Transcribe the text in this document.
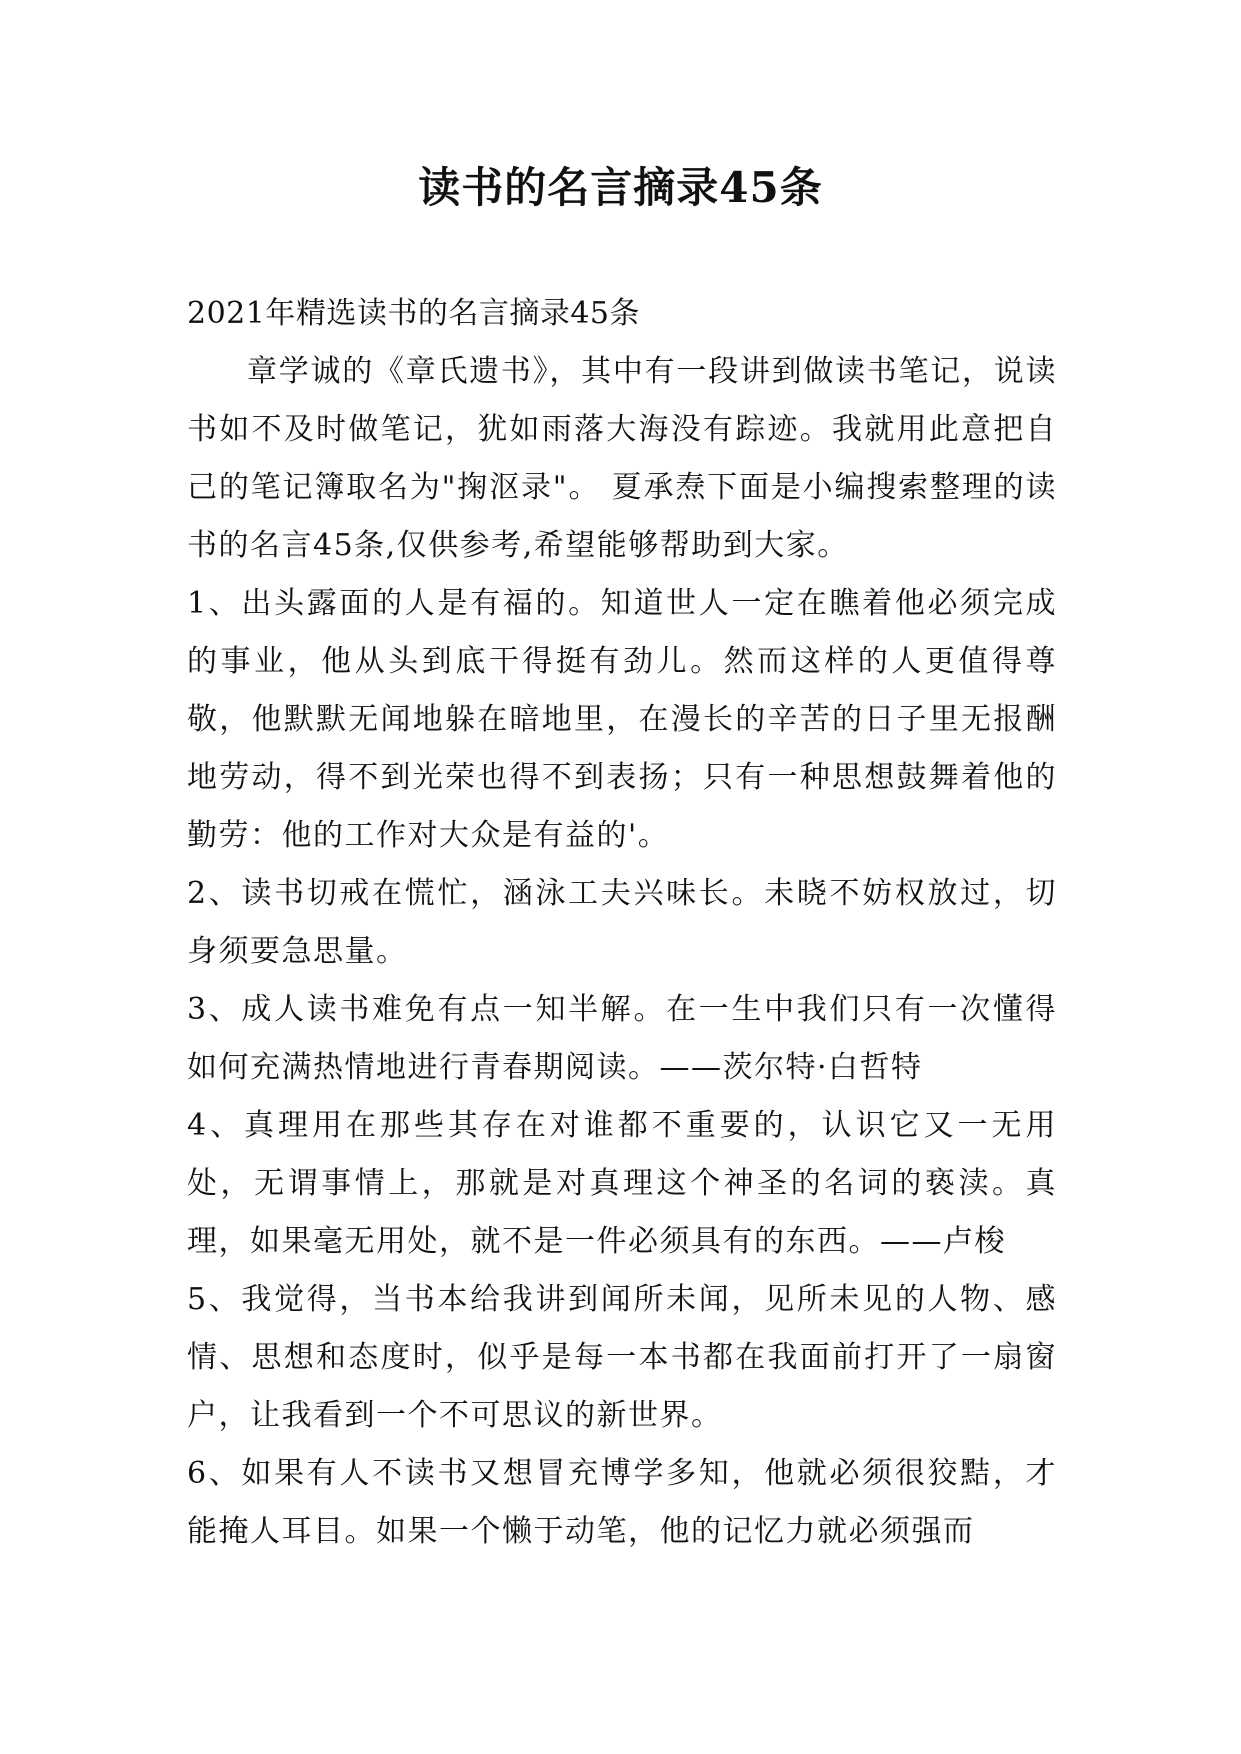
读书的名言摘录45条

2021年精选读书的名言摘录45条

章学诚的《章氏遗书》，其中有一段讲到做读书笔记，说读书如不及时做笔记，犹如雨落大海没有踪迹。我就用此意把自己的笔记簿取名为"掬沤录"。 夏承焘下面是小编搜索整理的读书的名言45条,仅供参考,希望能够帮助到大家。

1、出头露面的人是有福的。知道世人一定在瞧着他必须完成的事业，他从头到底干得挺有劲儿。然而这样的人更值得尊敬，他默默无闻地躲在暗地里，在漫长的辛苦的日子里无报酬地劳动，得不到光荣也得不到表扬；只有一种思想鼓舞着他的勤劳：他的工作对大众是有益的'。

2、读书切戒在慌忙，涵泳工夫兴味长。未晓不妨权放过，切身须要急思量。

3、成人读书难免有点一知半解。在一生中我们只有一次懂得如何充满热情地进行青春期阅读。——茨尔特·白哲特

4、真理用在那些其存在对谁都不重要的，认识它又一无用处，无谓事情上，那就是对真理这个神圣的名词的亵渎。真理，如果毫无用处，就不是一件必须具有的东西。——卢梭

5、我觉得，当书本给我讲到闻所未闻，见所未见的人物、感情、思想和态度时，似乎是每一本书都在我面前打开了一扇窗户，让我看到一个不可思议的新世界。

6、如果有人不读书又想冒充博学多知，他就必须很狡黠，才能掩人耳目。如果一个懒于动笔，他的记忆力就必须强而
